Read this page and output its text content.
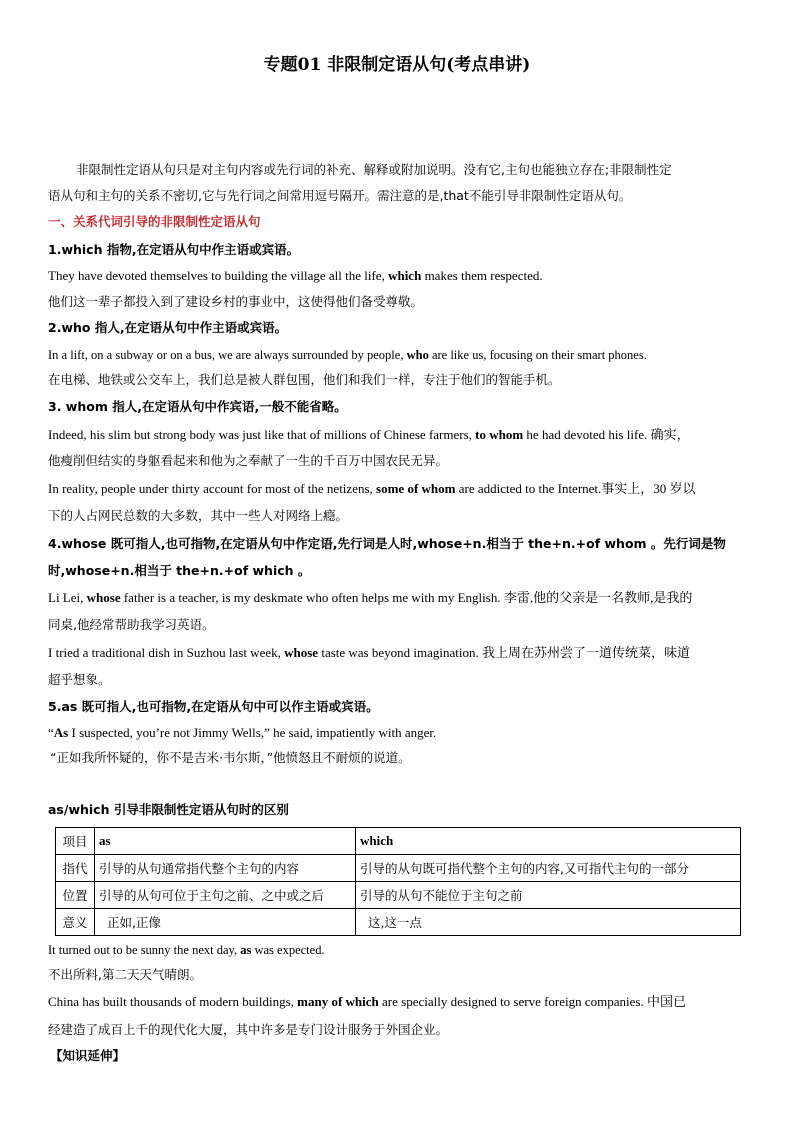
专题01 非限制定语从句(考点串讲)
非限制性定语从句只是对主句内容或先行词的补充、解释或附加说明。没有它,主句也能独立存在;非限制性定
语从句和主句的关系不密切,它与先行词之间常用逗号隔开。需注意的是,that不能引导非限制性定语从句。
一、关系代词引导的非限制性定语从句
1.which 指物,在定语从句中作主语或宾语。
They have devoted themselves to building the village all the life, which makes them respected.
他们这一辈子都投入到了建设乡村的事业中，这使得他们备受尊敬。
2.who 指人,在定语从句中作主语或宾语。
In a lift, on a subway or on a bus, we are always surrounded by people, who are like us, focusing on their smart phones.
在电梯、地铁或公交车上，我们总是被人群包围，他们和我们一样，专注于他们的智能手机。
3. whom 指人,在定语从句中作宾语,一般不能省略。
Indeed, his slim but strong body was just like that of millions of Chinese farmers, to whom he had devoted his life. 确实，
他瘦削但结实的身躯看起来和他为之奉献了一生的千百万中国农民无异。
In reality, people under thirty account for most of the netizens, some of whom are addicted to the Internet.事实上，30 岁以
下的人占网民总数的大多数，其中一些人对网络上瘾。
4.whose 既可指人,也可指物,在定语从句中作定语,先行词是人时,whose+n.相当于 the+n.+of whom 。先行词是物
时,whose+n.相当于 the+n.+of which 。
Li Lei, whose father is a teacher, is my deskmate who often helps me with my English. 李雷,他的父亲是一名教师,是我的
同桌,他经常帮助我学习英语。
I tried a traditional dish in Suzhou last week, whose taste was beyond imagination. 我上周在苏州尝了一道传统菜，味道
超乎想象。
5.as 既可指人,也可指物,在定语从句中可以作主语或宾语。
“As I suspected, you’re not Jimmy Wells,” he said, impatiently with anger.
“正如我所怀疑的，你不是吉米·韦尔斯，”他愤怒且不耐烦的说道。
as/which 引导非限制性定语从句时的区别
项目	as	which
指代	引导的从句通常指代整个主句的内容	引导的从句既可指代整个主句的内容,又可指代主句的一部分
位置	引导的从句可位于主句之前、之中或之后	引导的从句不能位于主句之前
意义	正如,正像	这,这一点
It turned out to be sunny the next day, as was expected.
不出所料,第二天天气晴朗。
China has built thousands of modern buildings, many of which are specially designed to serve foreign companies. 中国已
经建造了成百上千的现代化大厦，其中许多是专门设计服务于外国企业。
【知识延伸】
